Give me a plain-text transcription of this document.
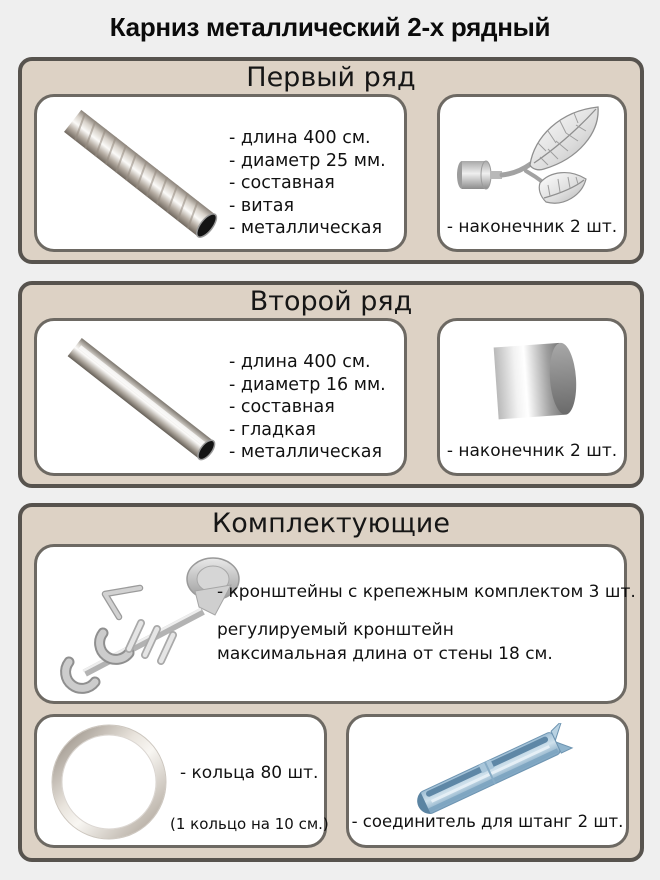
Карниз металлический 2-х рядный
Первый ряд
- длина 400 см.
- диаметр 25 мм.
- составная
- витая
- металлическая	- наконечник 2 шт.
Второй ряд
- длина 400 см.
- диаметр 16 мм.
- составная
- гладкая
- металлическая	- наконечник 2 шт.
Комплектующие
- кронштейны с крепежным комплектом 3 шт.
регулируемый кронштейн
максимальная длина от стены 18 см.
- кольца 80 шт.
(1 кольцо на 10 см.) - соединитель для штанг 2 шт.
